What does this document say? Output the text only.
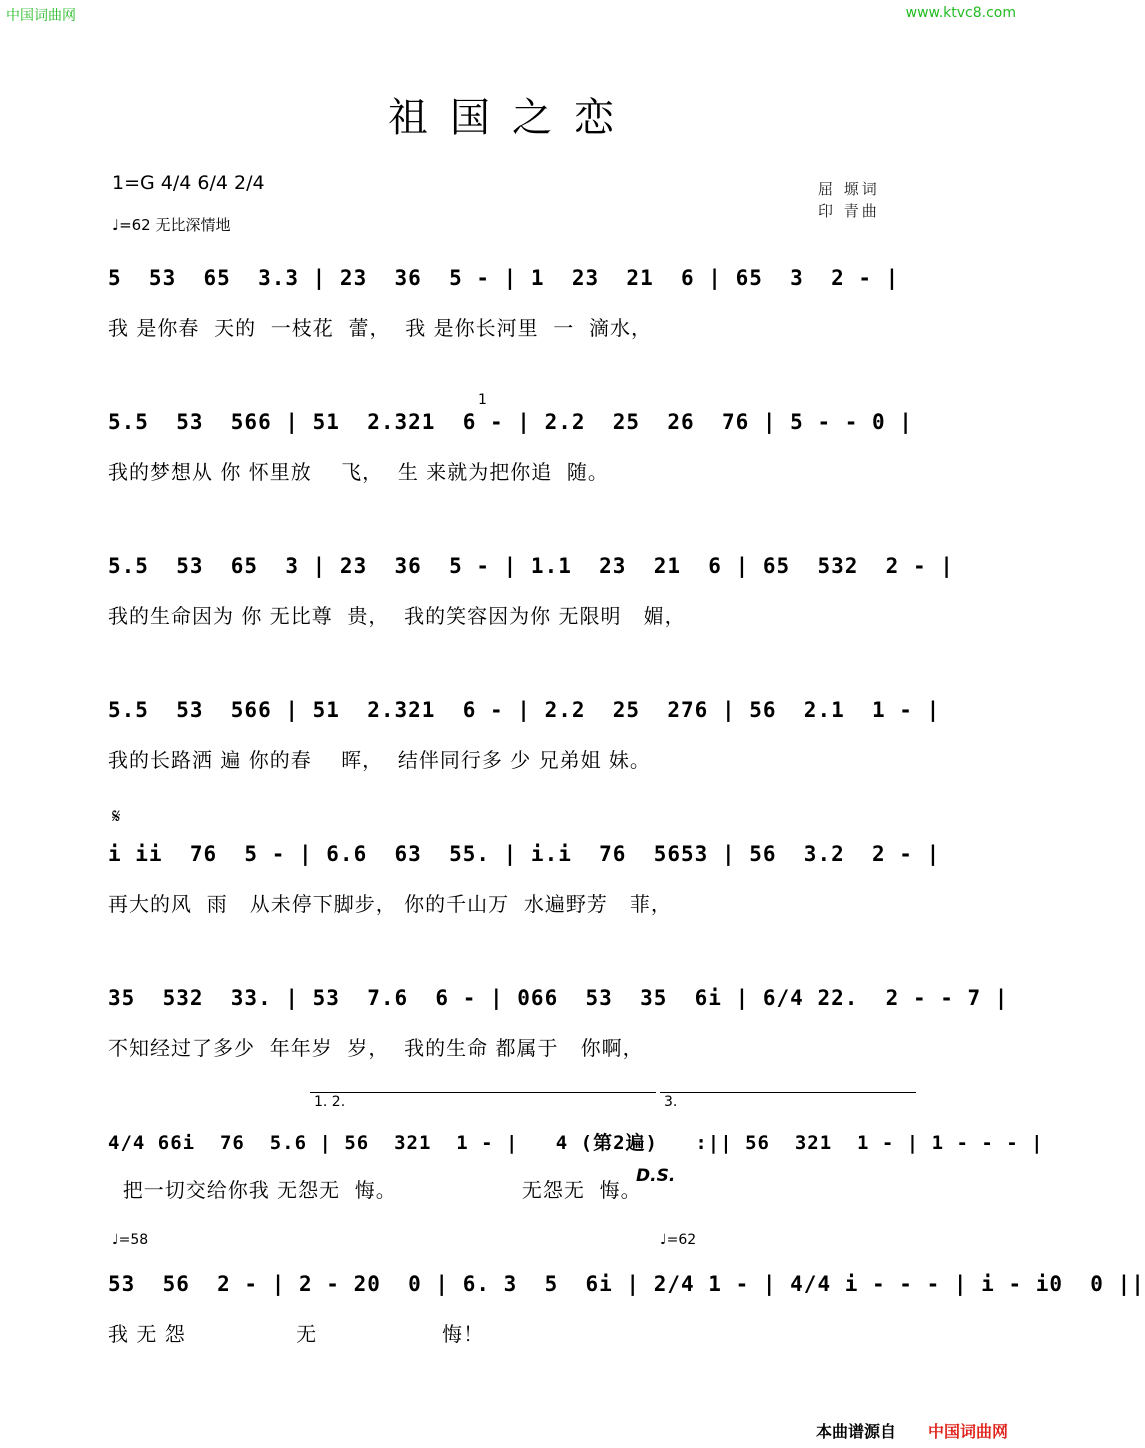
中国词曲网	www.ktvc8.com
祖国之恋
1=G 4/4 6/4 2/4
♩=62 无比深情地
屈 塬词
印 青曲
5  53  65  3.3 | 23  36  5 - | 1  23  21  6 | 65  3  2 - |
我 是你春  天的  一枝花  蕾，  我 是你长河里  一  滴水，
5.5  53  566 | 51  2.321  6 - | 2.2  25  26  76 | 5 - - 0 |
我的梦想从 你 怀里放    飞，  生 来就为把你追  随。
1
5.5  53  65  3 | 23  36  5 - | 1.1  23  21  6 | 65  532  2 - |
我的生命因为 你 无比尊  贵，  我的笑容因为你 无限明   媚，
5.5  53  566 | 51  2.321  6 - | 2.2  25  276 | 56  2.1  1 - |
我的长路洒 遍 你的春    晖，  结伴同行多 少 兄弟姐 妹。
𝄋
i ii  76  5 - | 6.6  63  55. | i.i  76  5653 | 56  3.2  2 - |
再大的风  雨   从未停下脚步， 你的千山万  水遍野芳   菲，
35  532  33. | 53  7.6  6 - | 066  53  35  6i | 6/4 22.  2 - - 7 |
不知经过了多少  年年岁  岁，  我的生命 都属于   你啊，
1. 2.	3.
4/4 66i  76  5.6 | 56  321  1 - |   4 (第2遍)   :|| 56  321  1 - | 1 - - - |
把一切交给你我 无怨无  悔。                 无怨无  悔。
D.S.
♩=58	♩=62
53  56  2 - | 2 - 20  0 | 6. 3  5  6i | 2/4 1 - | 4/4 i - - - | i - i0  0 ||
我 无 怨               无                 悔！
本曲谱源自 中国词曲网
